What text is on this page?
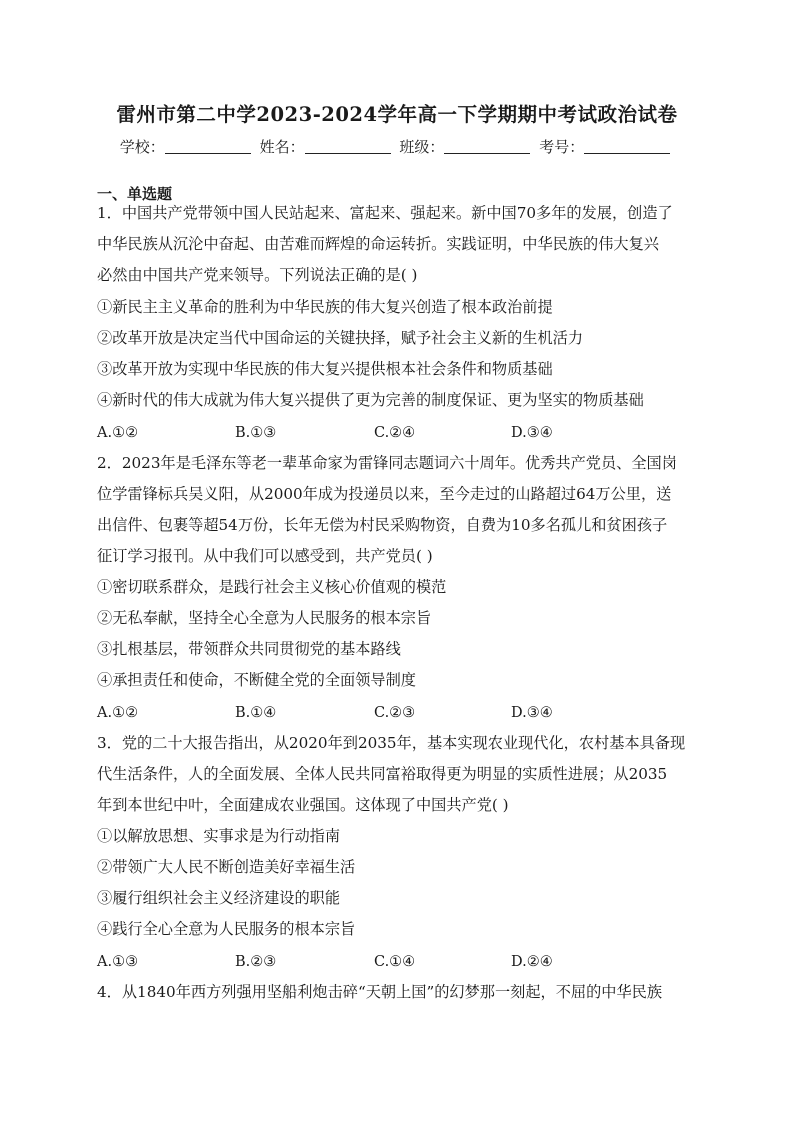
雷州市第二中学2023-2024学年高一下学期期中考试政治试卷
学校：	姓名：	班级：	考号：
一、单选题

1．中国共产党带领中国人民站起来、富起来、强起来。新中国70多年的发展，创造了

中华民族从沉沦中奋起、由苦难而辉煌的命运转折。实践证明，中华民族的伟大复兴

必然由中国共产党来领导。下列说法正确的是( )

①新民主主义革命的胜利为中华民族的伟大复兴创造了根本政治前提
②改革开放是决定当代中国命运的关键抉择，赋予社会主义新的生机活力
③改革开放为实现中华民族的伟大复兴提供根本社会条件和物质基础
④新时代的伟大成就为伟大复兴提供了更为完善的制度保证、更为坚实的物质基础
A.①②	B.①③	C.②④	D.③④

2．2023年是毛泽东等老一辈革命家为雷锋同志题词六十周年。优秀共产党员、全国岗

位学雷锋标兵吴义阳，从2000年成为投递员以来，至今走过的山路超过64万公里，送

出信件、包裹等超54万份，长年无偿为村民采购物资，自费为10多名孤儿和贫困孩子

征订学习报刊。从中我们可以感受到，共产党员( )

①密切联系群众，是践行社会主义核心价值观的模范
②无私奉献，坚持全心全意为人民服务的根本宗旨
③扎根基层，带领群众共同贯彻党的基本路线
④承担责任和使命，不断健全党的全面领导制度
A.①②	B.①④	C.②③	D.③④

3．党的二十大报告指出，从2020年到2035年，基本实现农业现代化，农村基本具备现

代生活条件，人的全面发展、全体人民共同富裕取得更为明显的实质性进展；从2035

年到本世纪中叶，全面建成农业强国。这体现了中国共产党( )

①以解放思想、实事求是为行动指南
②带领广大人民不断创造美好幸福生活
③履行组织社会主义经济建设的职能
④践行全心全意为人民服务的根本宗旨
A.①③	B.②③	C.①④	D.②④

4．从1840年西方列强用坚船利炮击碎“天朝上国”的幻梦那一刻起，不屈的中华民族
